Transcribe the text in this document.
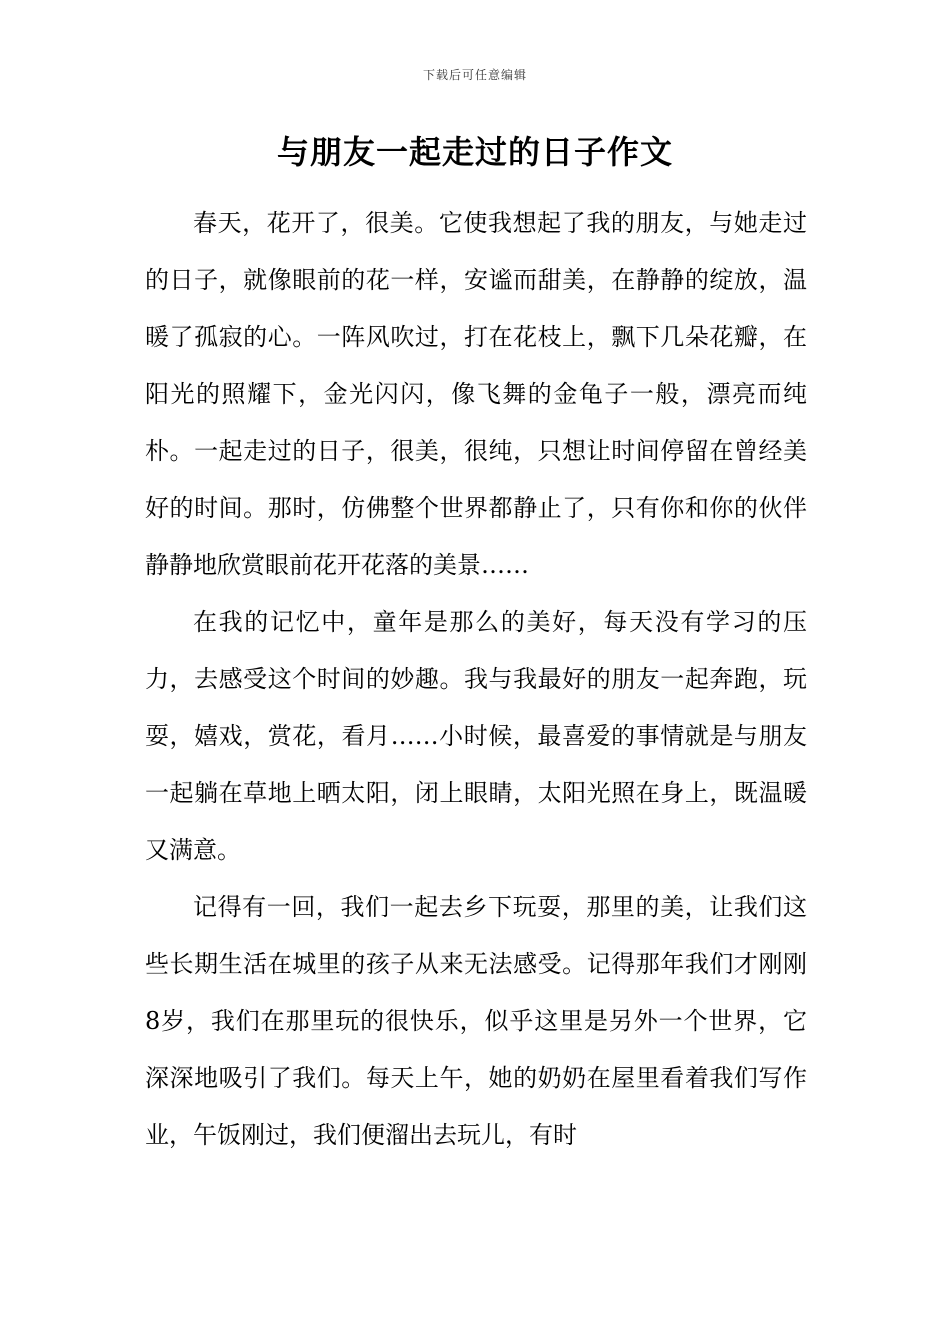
下载后可任意编辑
与朋友一起走过的日子作文

春天，花开了，很美。它使我想起了我的朋友，与她走过的日子，就像眼前的花一样，安谧而甜美，在静静的绽放，温暖了孤寂的心。一阵风吹过，打在花枝上，飘下几朵花瓣，在阳光的照耀下，金光闪闪，像飞舞的金龟子一般，漂亮而纯朴。一起走过的日子，很美，很纯，只想让时间停留在曾经美好的时间。那时，仿佛整个世界都静止了，只有你和你的伙伴静静地欣赏眼前花开花落的美景……

在我的记忆中，童年是那么的美好，每天没有学习的压力，去感受这个时间的妙趣。我与我最好的朋友一起奔跑，玩耍，嬉戏，赏花，看月……小时候，最喜爱的事情就是与朋友一起躺在草地上晒太阳，闭上眼睛，太阳光照在身上，既温暖又满意。

记得有一回，我们一起去乡下玩耍，那里的美，让我们这些长期生活在城里的孩子从来无法感受。记得那年我们才刚刚8岁，我们在那里玩的很快乐，似乎这里是另外一个世界，它深深地吸引了我们。每天上午，她的奶奶在屋里看着我们写作业，午饭刚过，我们便溜出去玩儿，有时
